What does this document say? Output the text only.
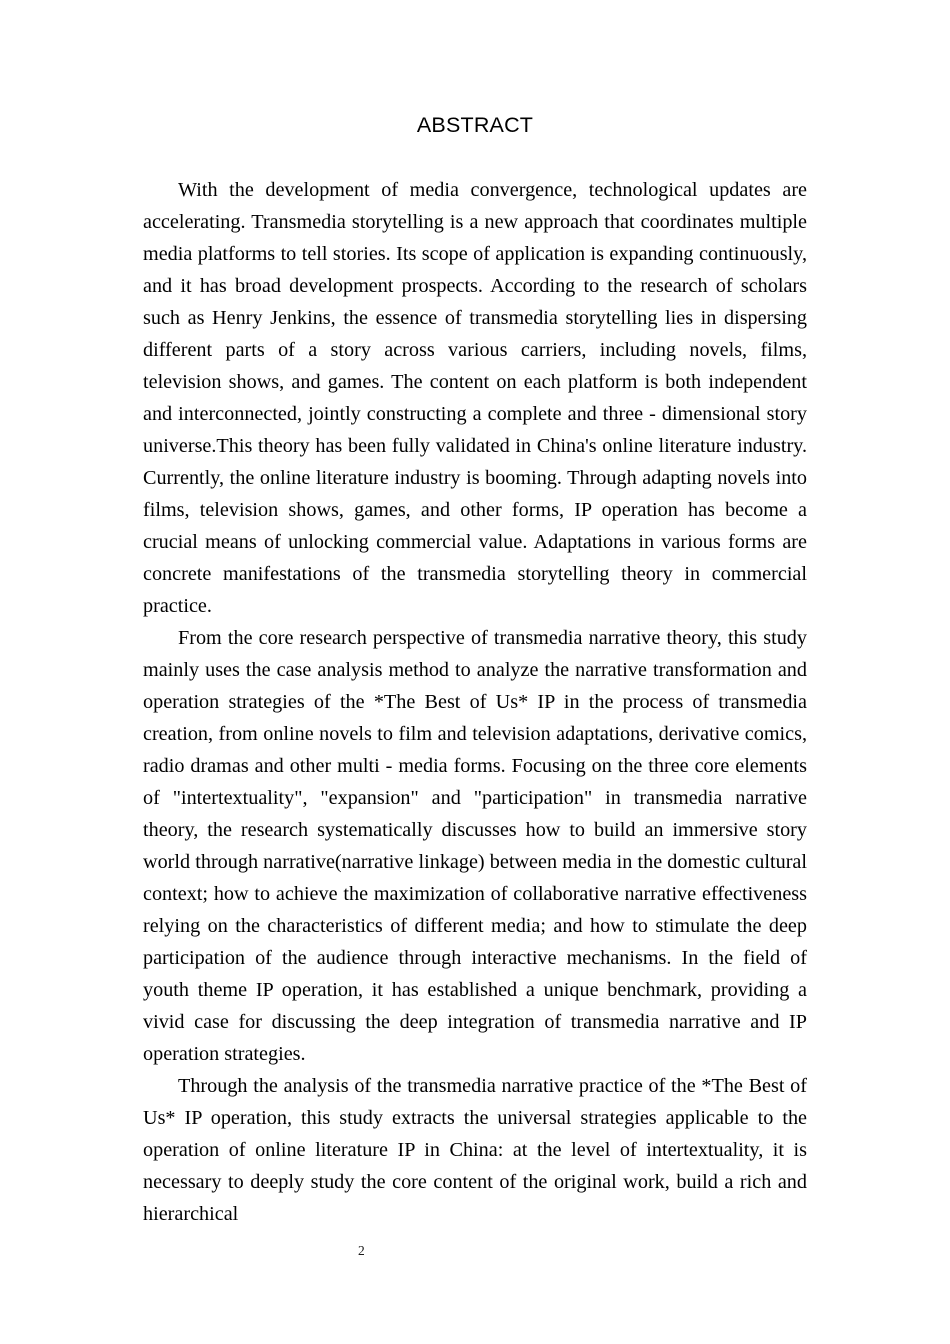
ABSTRACT

With the development of media convergence, technological updates are accelerating. Transmedia storytelling is a new approach that coordinates multiple media platforms to tell stories. Its scope of application is expanding continuously, and it has broad development prospects. According to the research of scholars such as Henry Jenkins, the essence of transmedia storytelling lies in dispersing different parts of a story across various carriers, including novels, films, television shows, and games. The content on each platform is both independent and interconnected, jointly constructing a complete and three - dimensional story universe.This theory has been fully validated in China's online literature industry. Currently, the online literature industry is booming. Through adapting novels into films, television shows, games, and other forms, IP operation has become a crucial means of unlocking commercial value. Adaptations in various forms are concrete manifestations of the transmedia storytelling theory in commercial practice.

From the core research perspective of transmedia narrative theory, this study mainly uses the case analysis method to analyze the narrative transformation and operation strategies of the *The Best of Us* IP in the process of transmedia creation, from online novels to film and television adaptations, derivative comics, radio dramas and other multi - media forms. Focusing on the three core elements of "intertextuality", "expansion" and "participation" in transmedia narrative theory, the research systematically discusses how to build an immersive story world through narrative(narrative linkage) between media in the domestic cultural context; how to achieve the maximization of collaborative narrative effectiveness relying on the characteristics of different media; and how to stimulate the deep participation of the audience through interactive mechanisms. In the field of youth theme IP operation, it has established a unique benchmark, providing a vivid case for discussing the deep integration of transmedia narrative and IP operation strategies.

Through the analysis of the transmedia narrative practice of the *The Best of Us* IP operation, this study extracts the universal strategies applicable to the operation of online literature IP in China: at the level of intertextuality, it is necessary to deeply study the core content of the original work, build a rich and hierarchical

2
